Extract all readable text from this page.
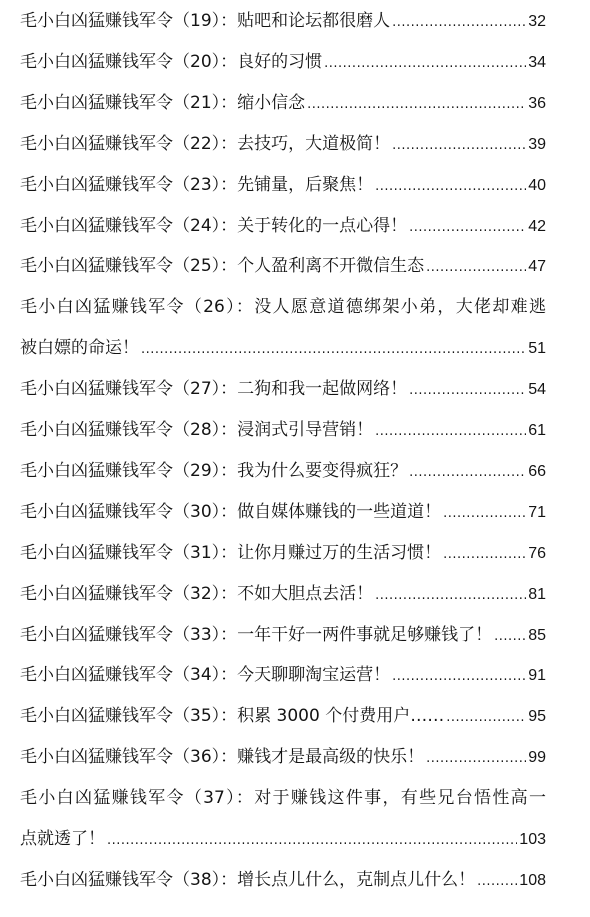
毛小白凶猛赚钱军令（19）：贴吧和论坛都很磨人 .....	32
毛小白凶猛赚钱军令（20）：良好的习惯 .....	34
毛小白凶猛赚钱军令（21）：缩小信念 .....	36
毛小白凶猛赚钱军令（22）：去技巧，大道极简！ .....	39
毛小白凶猛赚钱军令（23）：先铺量，后聚焦！ .....	40
毛小白凶猛赚钱军令（24）：关于转化的一点心得！ .....	42
毛小白凶猛赚钱军令（25）：个人盈利离不开微信生态 .....	47
毛小白凶猛赚钱军令（26）：没人愿意道德绑架小弟，大佬却难逃
被白嫖的命运！ .....	51
毛小白凶猛赚钱军令（27）：二狗和我一起做网络！ .....	54
毛小白凶猛赚钱军令（28）：浸润式引导营销！ .....	61
毛小白凶猛赚钱军令（29）：我为什么要变得疯狂？ .....	66
毛小白凶猛赚钱军令（30）：做自媒体赚钱的一些道道！ .....	71
毛小白凶猛赚钱军令（31）：让你月赚过万的生活习惯！ .....	76
毛小白凶猛赚钱军令（32）：不如大胆点去活！ .....	81
毛小白凶猛赚钱军令（33）：一年干好一两件事就足够赚钱了！ ..... 85
毛小白凶猛赚钱军令（34）：今天聊聊淘宝运营！ .....	91
毛小白凶猛赚钱军令（35）：积累 3000 个付费用户…… .....	95
毛小白凶猛赚钱军令（36）：赚钱才是最高级的快乐！ .....	99
毛小白凶猛赚钱军令（37）：对于赚钱这件事，有些兄台悟性高一
点就透了！ .....	103
毛小白凶猛赚钱军令（38）：增长点儿什么，克制点儿什么！ .....	108
